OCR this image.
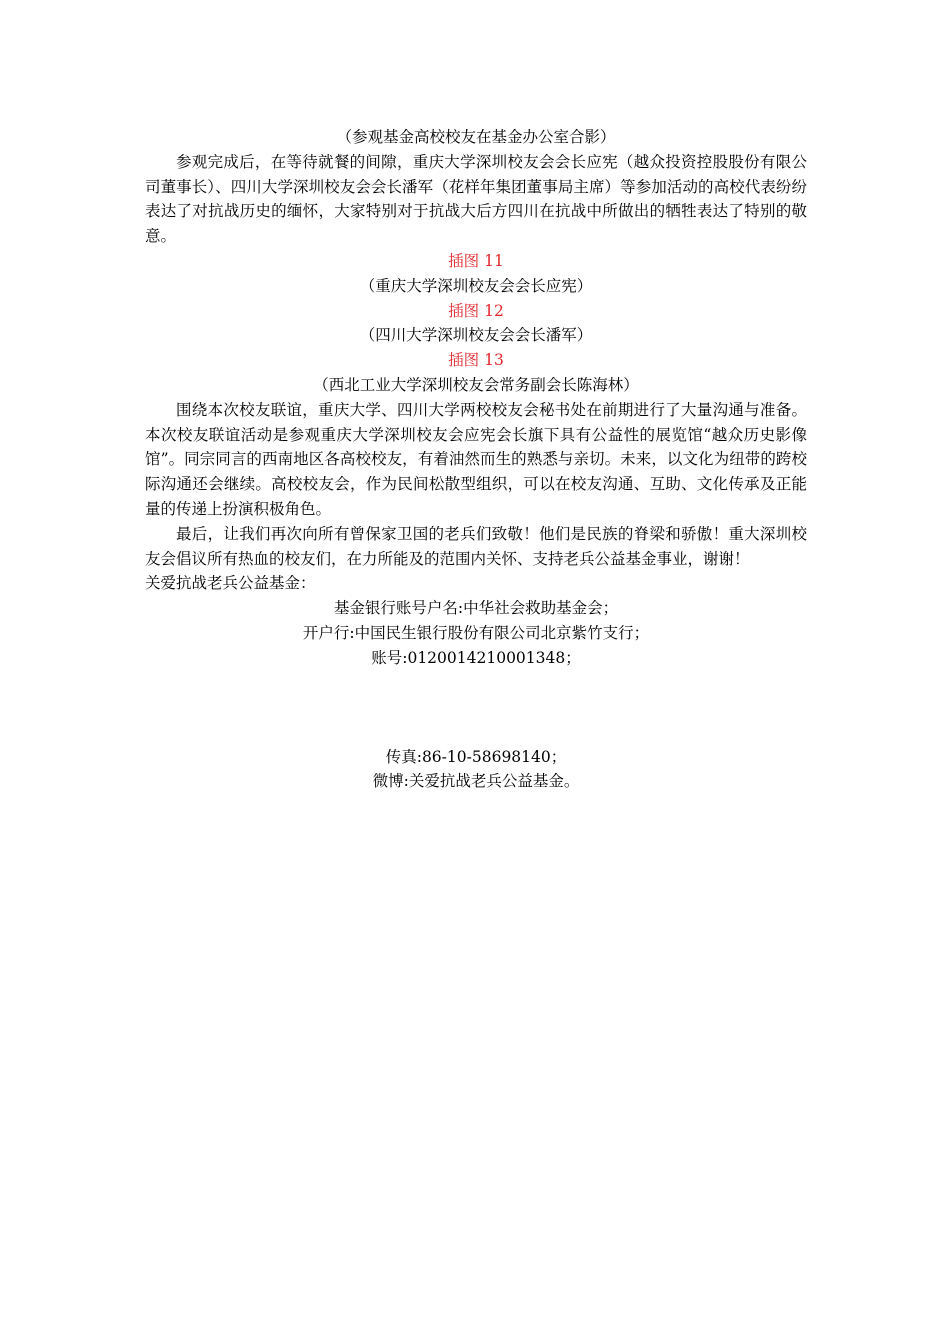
（参观基金高校校友在基金办公室合影）

参观完成后，在等待就餐的间隙，重庆大学深圳校友会会长应宪（越众投资控股股份有限公司董事长）、四川大学深圳校友会会长潘军（花样年集团董事局主席）等参加活动的高校代表纷纷表达了对抗战历史的缅怀，大家特别对于抗战大后方四川在抗战中所做出的牺牲表达了特别的敬意。

插图 11

（重庆大学深圳校友会会长应宪）

插图 12

（四川大学深圳校友会会长潘军）

插图 13

（西北工业大学深圳校友会常务副会长陈海林）

围绕本次校友联谊，重庆大学、四川大学两校校友会秘书处在前期进行了大量沟通与准备。本次校友联谊活动是参观重庆大学深圳校友会应宪会长旗下具有公益性的展览馆“越众历史影像馆”。同宗同言的西南地区各高校校友，有着油然而生的熟悉与亲切。未来，以文化为纽带的跨校际沟通还会继续。高校校友会，作为民间松散型组织，可以在校友沟通、互助、文化传承及正能量的传递上扮演积极角色。

最后，让我们再次向所有曾保家卫国的老兵们致敬！他们是民族的脊梁和骄傲！重大深圳校友会倡议所有热血的校友们，在力所能及的范围内关怀、支持老兵公益基金事业，谢谢！

关爱抗战老兵公益基金：

基金银行账号户名:中华社会救助基金会；

开户行:中国民生银行股份有限公司北京紫竹支行；

账号:0120014210001348；

传真:86-10-58698140；

微博:关爱抗战老兵公益基金。
